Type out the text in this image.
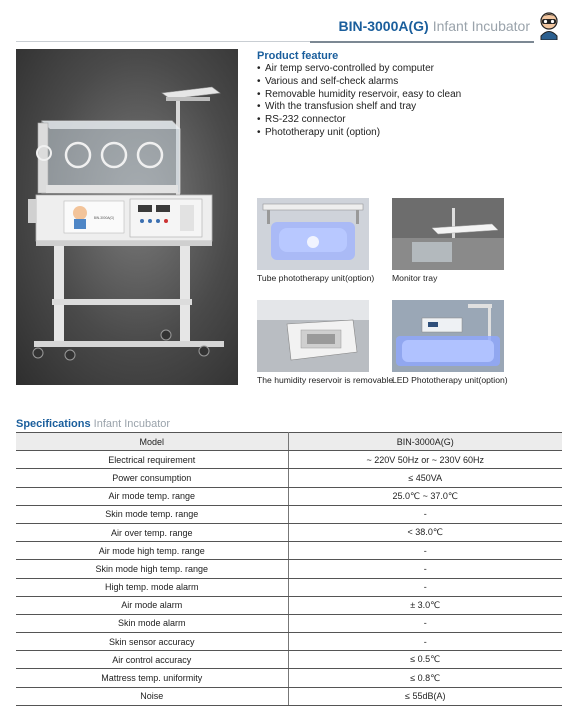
BIN-3000A(G) Infant Incubator
BIN-3000A(G)
Product feature
• Air temp servo-controlled by computer
• Various and self-check alarms
• Removable humidity reservoir, easy to clean
• With the transfusion shelf and tray
• RS-232 connector
• Phototherapy unit (option)
Tube phototherapy unit(option) Monitor tray
The humidity reservoir is removable
LED Phototherapy unit(option)
Specifications Infant Incubator
Model	BIN-3000A(G)
Electrical requirement	~ 220V 50Hz or ~ 230V 60Hz
Power consumption	≤ 450VA
Air mode temp. range	25.0℃ ~ 37.0℃
Skin mode temp. range	-
Air over temp. range	< 38.0℃
Air mode high temp. range	-
Skin mode high temp. range	-
High temp. mode alarm	-
Air mode alarm	± 3.0℃
Skin mode alarm	-
Skin sensor accuracy	-
Air control accuracy	≤ 0.5℃
Mattress temp. uniformity	≤ 0.8℃
Noise	≤ 55dB(A)
